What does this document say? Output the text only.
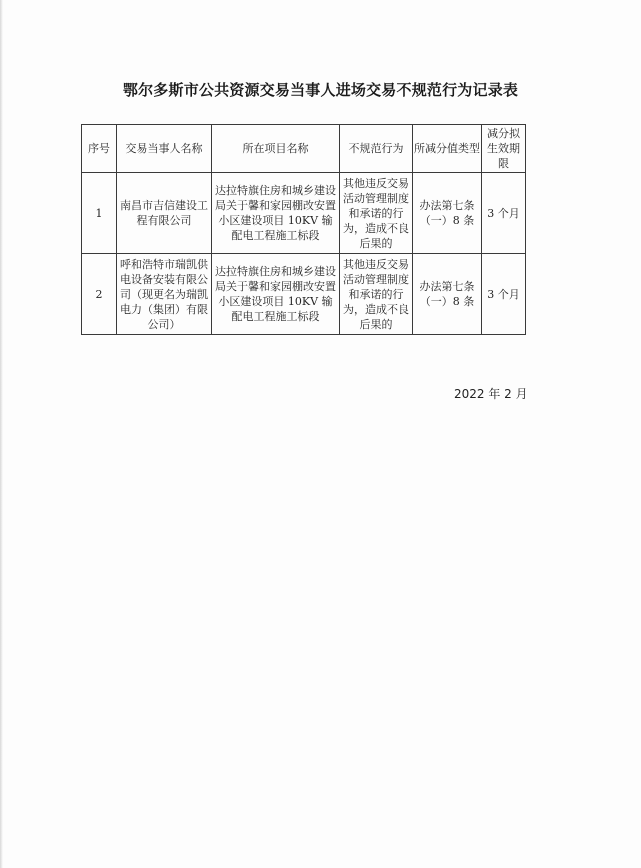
鄂尔多斯市公共资源交易当事人进场交易不规范行为记录表
序号	交易当事人名称	所在项目名称	不规范行为	所减分值类型	减分拟生效期限
1	南昌市吉信建设工程有限公司	达拉特旗住房和城乡建设局关于馨和家园棚改安置小区建设项目 10KV 输配电工程施工标段	其他违反交易活动管理制度和承诺的行为，造成不良后果的	办法第七条（一）8 条	3 个月
2	呼和浩特市瑞凯供电设备安装有限公司（现更名为瑞凯电力（集团）有限公司）	达拉特旗住房和城乡建设局关于馨和家园棚改安置小区建设项目 10KV 输配电工程施工标段	其他违反交易活动管理制度和承诺的行为，造成不良后果的	办法第七条（一）8 条	3 个月
2022 年 2 月
